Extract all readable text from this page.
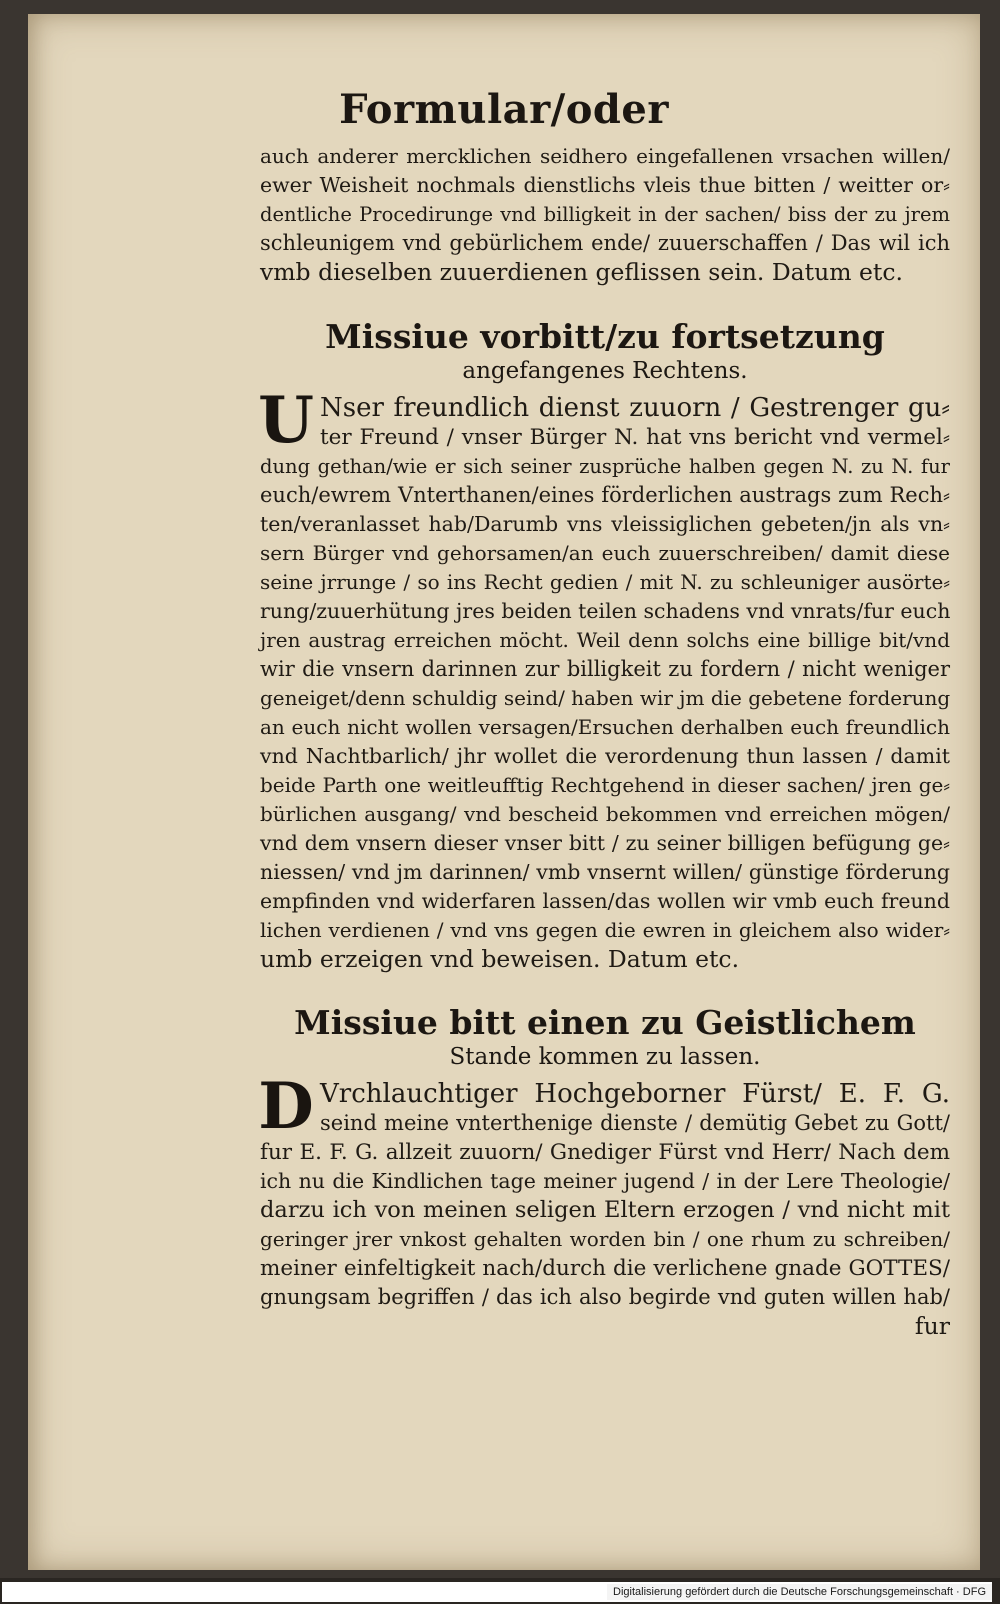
Formular/oder
auch anderer mercklichen seidhero eingefallenen vrsachen willen/
ewer Weisheit nochmals dienstlichs vleis thue bitten / weitter or⸗
dentliche Procedirunge vnd billigkeit in der sachen/ biss der zu jrem
schleunigem vnd gebürlichem ende/ zuuerschaffen / Das wil ich
vmb dieselben zuuerdienen geflissen sein. Datum etc.
Missiue vorbitt/zu fortsetzung
angefangenes Rechtens.
U Nser freundlich dienst zuuorn / Gestrenger gu⸗
ter Freund / vnser Bürger N. hat vns bericht vnd vermel⸗
dung gethan/wie er sich seiner zusprüche halben gegen N. zu N. fur
euch/ewrem Vnterthanen/eines förderlichen austrags zum Rech⸗
ten/veranlasset hab/Darumb vns vleissiglichen gebeten/jn als vn⸗
sern Bürger vnd gehorsamen/an euch zuuerschreiben/ damit diese
seine jrrunge / so ins Recht gedien / mit N. zu schleuniger ausörte⸗
rung/zuuerhütung jres beiden teilen schadens vnd vnrats/fur euch
jren austrag erreichen möcht. Weil denn solchs eine billige bit/vnd
wir die vnsern darinnen zur billigkeit zu fordern / nicht weniger
geneiget/denn schuldig seind/ haben wir jm die gebetene forderung
an euch nicht wollen versagen/Ersuchen derhalben euch freundlich
vnd Nachtbarlich/ jhr wollet die verordenung thun lassen / damit
beide Parth one weitleufftig Rechtgehend in dieser sachen/ jren ge⸗
bürlichen ausgang/ vnd bescheid bekommen vnd erreichen mögen/
vnd dem vnsern dieser vnser bitt / zu seiner billigen befügung ge⸗
niessen/ vnd jm darinnen/ vmb vnsernt willen/ günstige förderung
empfinden vnd widerfaren lassen/das wollen wir vmb euch freund
lichen verdienen / vnd vns gegen die ewren in gleichem also wider⸗
umb erzeigen vnd beweisen. Datum etc.
Missiue bitt einen zu Geistlichem
Stande kommen zu lassen.
D Vrchlauchtiger Hochgeborner Fürst/ E. F. G.
seind meine vnterthenige dienste / demütig Gebet zu Gott/
fur E. F. G. allzeit zuuorn/ Gnediger Fürst vnd Herr/ Nach dem
ich nu die Kindlichen tage meiner jugend / in der Lere Theologie/
darzu ich von meinen seligen Eltern erzogen / vnd nicht mit
geringer jrer vnkost gehalten worden bin / one rhum zu schreiben/
meiner einfeltigkeit nach/durch die verlichene gnade GOTTES/
gnungsam begriffen / das ich also begirde vnd guten willen hab/
fur
Digitalisierung gefördert durch die Deutsche Forschungsgemeinschaft · DFG
